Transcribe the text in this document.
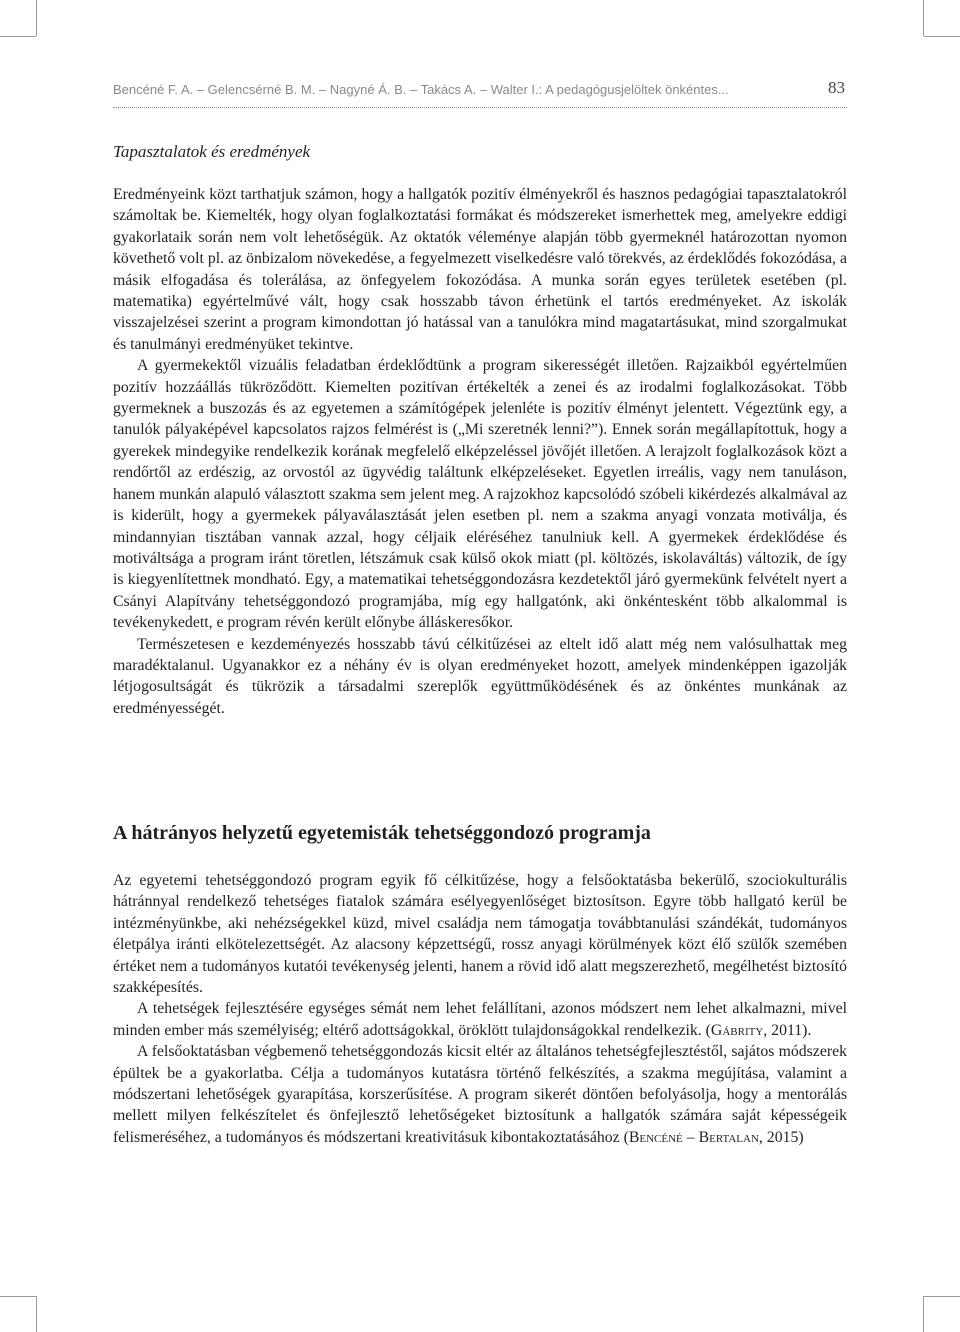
Bencéné F. A. – Gelencsérné B. M. – Nagyné Á. B. – Takács A. – Walter I.: A pedagógusjelöltek önkéntes...	83
Tapasztalatok és eredmények

Eredményeink közt tarthatjuk számon, hogy a hallgatók pozitív élményekről és hasznos pedagógiai tapasztalatokról számoltak be. Kiemelték, hogy olyan foglalkoztatási formákat és módszereket ismerhettek meg, amelyekre eddigi gyakorlataik során nem volt lehetőségük. Az oktatók véleménye alapján több gyermeknél határozottan nyomon követhető volt pl. az önbizalom növekedése, a fegyelmezett viselkedésre való törekvés, az érdeklődés fokozódása, a másik elfogadása és tolerálása, az önfegyelem fokozódása. A munka során egyes területek esetében (pl. matematika) egyértelművé vált, hogy csak hosszabb távon érhetünk el tartós eredményeket. Az iskolák visszajelzései szerint a program kimondottan jó hatással van a tanulókra mind magatartásukat, mind szorgalmukat és tanulmányi eredményüket tekintve.

A gyermekektől vizuális feladatban érdeklődtünk a program sikerességét illetően. Rajzaikból egyértelműen pozitív hozzáállás tükröződött. Kiemelten pozitívan értékelték a zenei és az irodalmi foglalkozásokat. Több gyermeknek a buszozás és az egyetemen a számítógépek jelenléte is pozitív élményt jelentett. Végeztünk egy, a tanulók pályaképével kapcsolatos rajzos felmérést is („Mi szeretnék lenni?”). Ennek során megállapítottuk, hogy a gyerekek mindegyike rendelkezik korának megfelelő elképzeléssel jövőjét illetően. A lerajzolt foglalkozások közt a rendőrtől az erdészig, az orvostól az ügyvédig találtunk elképzeléseket. Egyetlen irreális, vagy nem tanuláson, hanem munkán alapuló választott szakma sem jelent meg. A rajzokhoz kapcsolódó szóbeli kikérdezés alkalmával az is kiderült, hogy a gyermekek pályaválasztását jelen esetben pl. nem a szakma anyagi vonzata motiválja, és mindannyian tisztában vannak azzal, hogy céljaik eléréséhez tanulniuk kell. A gyermekek érdeklődése és motiváltsága a program iránt töretlen, létszámuk csak külső okok miatt (pl. költözés, iskolaváltás) változik, de így is kiegyenlítettnek mondható. Egy, a matematikai tehetséggondozásra kezdetektől járó gyermekünk felvételt nyert a Csányi Alapítvány tehetséggondozó programjába, míg egy hallgatónk, aki önkéntesként több alkalommal is tevékenykedett, e program révén került előnybe álláskeresőkor.

Természetesen e kezdeményezés hosszabb távú célkitűzései az eltelt idő alatt még nem valósulhattak meg maradéktalanul. Ugyanakkor ez a néhány év is olyan eredményeket hozott, amelyek mindenképpen igazolják létjogosultságát és tükrözik a társadalmi szereplők együttműködésének és az önkéntes munkának az eredményességét.

A hátrányos helyzetű egyetemisták tehetséggondozó programja

Az egyetemi tehetséggondozó program egyik fő célkitűzése, hogy a felsőoktatásba bekerülő, szociokulturális hátránnyal rendelkező tehetséges fiatalok számára esélyegyenlőséget biztosítson. Egyre több hallgató kerül be intézményünkbe, aki nehézségekkel küzd, mivel családja nem támogatja továbbtanulási szándékát, tudományos életpálya iránti elkötelezettségét. Az alacsony képzettségű, rossz anyagi körülmények közt élő szülők szemében értéket nem a tudományos kutatói tevékenység jelenti, hanem a rövid idő alatt megszerezhető, megélhetést biztosító szakképesítés.

A tehetségek fejlesztésére egységes sémát nem lehet felállítani, azonos módszert nem lehet alkalmazni, mivel minden ember más személyiség; eltérő adottságokkal, öröklött tulajdonságokkal rendelkezik. (Gábrity, 2011).

A felsőoktatásban végbemenő tehetséggondozás kicsit eltér az általános tehetségfejlesztéstől, sajátos módszerek épültek be a gyakorlatba. Célja a tudományos kutatásra történő felkészítés, a szakma megújítása, valamint a módszertani lehetőségek gyarapítása, korszerűsítése. A program sikerét döntően befolyásolja, hogy a mentorálás mellett milyen felkészítelet és önfejlesztő lehetőségeket biztosítunk a hallgatók számára saját képességeik felismeréséhez, a tudományos és módszertani kreativitásuk kibontakoztatásához (Bencéné – Bertalan, 2015)
